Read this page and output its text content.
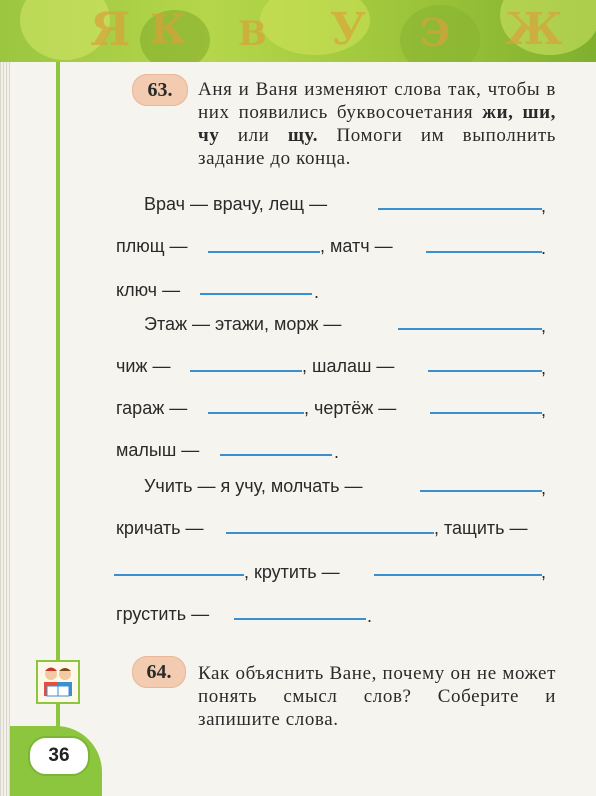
Я К В У Э Ж
63.	Аня и Ваня изменяют слова так, чтобы в них появились буквосочетания жи, ши, чу или щу. Помоги им выполнить задание до конца.
Врач — врачу, лещ —	,
плющ —	, матч —	.
ключ —	.
Этаж — этажи, морж —	,
чиж —	, шалаш —	,
гараж —	, чертёж —	,
малыш —	.
Учить — я учу, молчать —	,
кричать —	, тащить —
, крутить —	,
грустить —	.
64.	Как объяснить Ване, почему он не может понять смысл слов? Соберите и запишите слова.
36
